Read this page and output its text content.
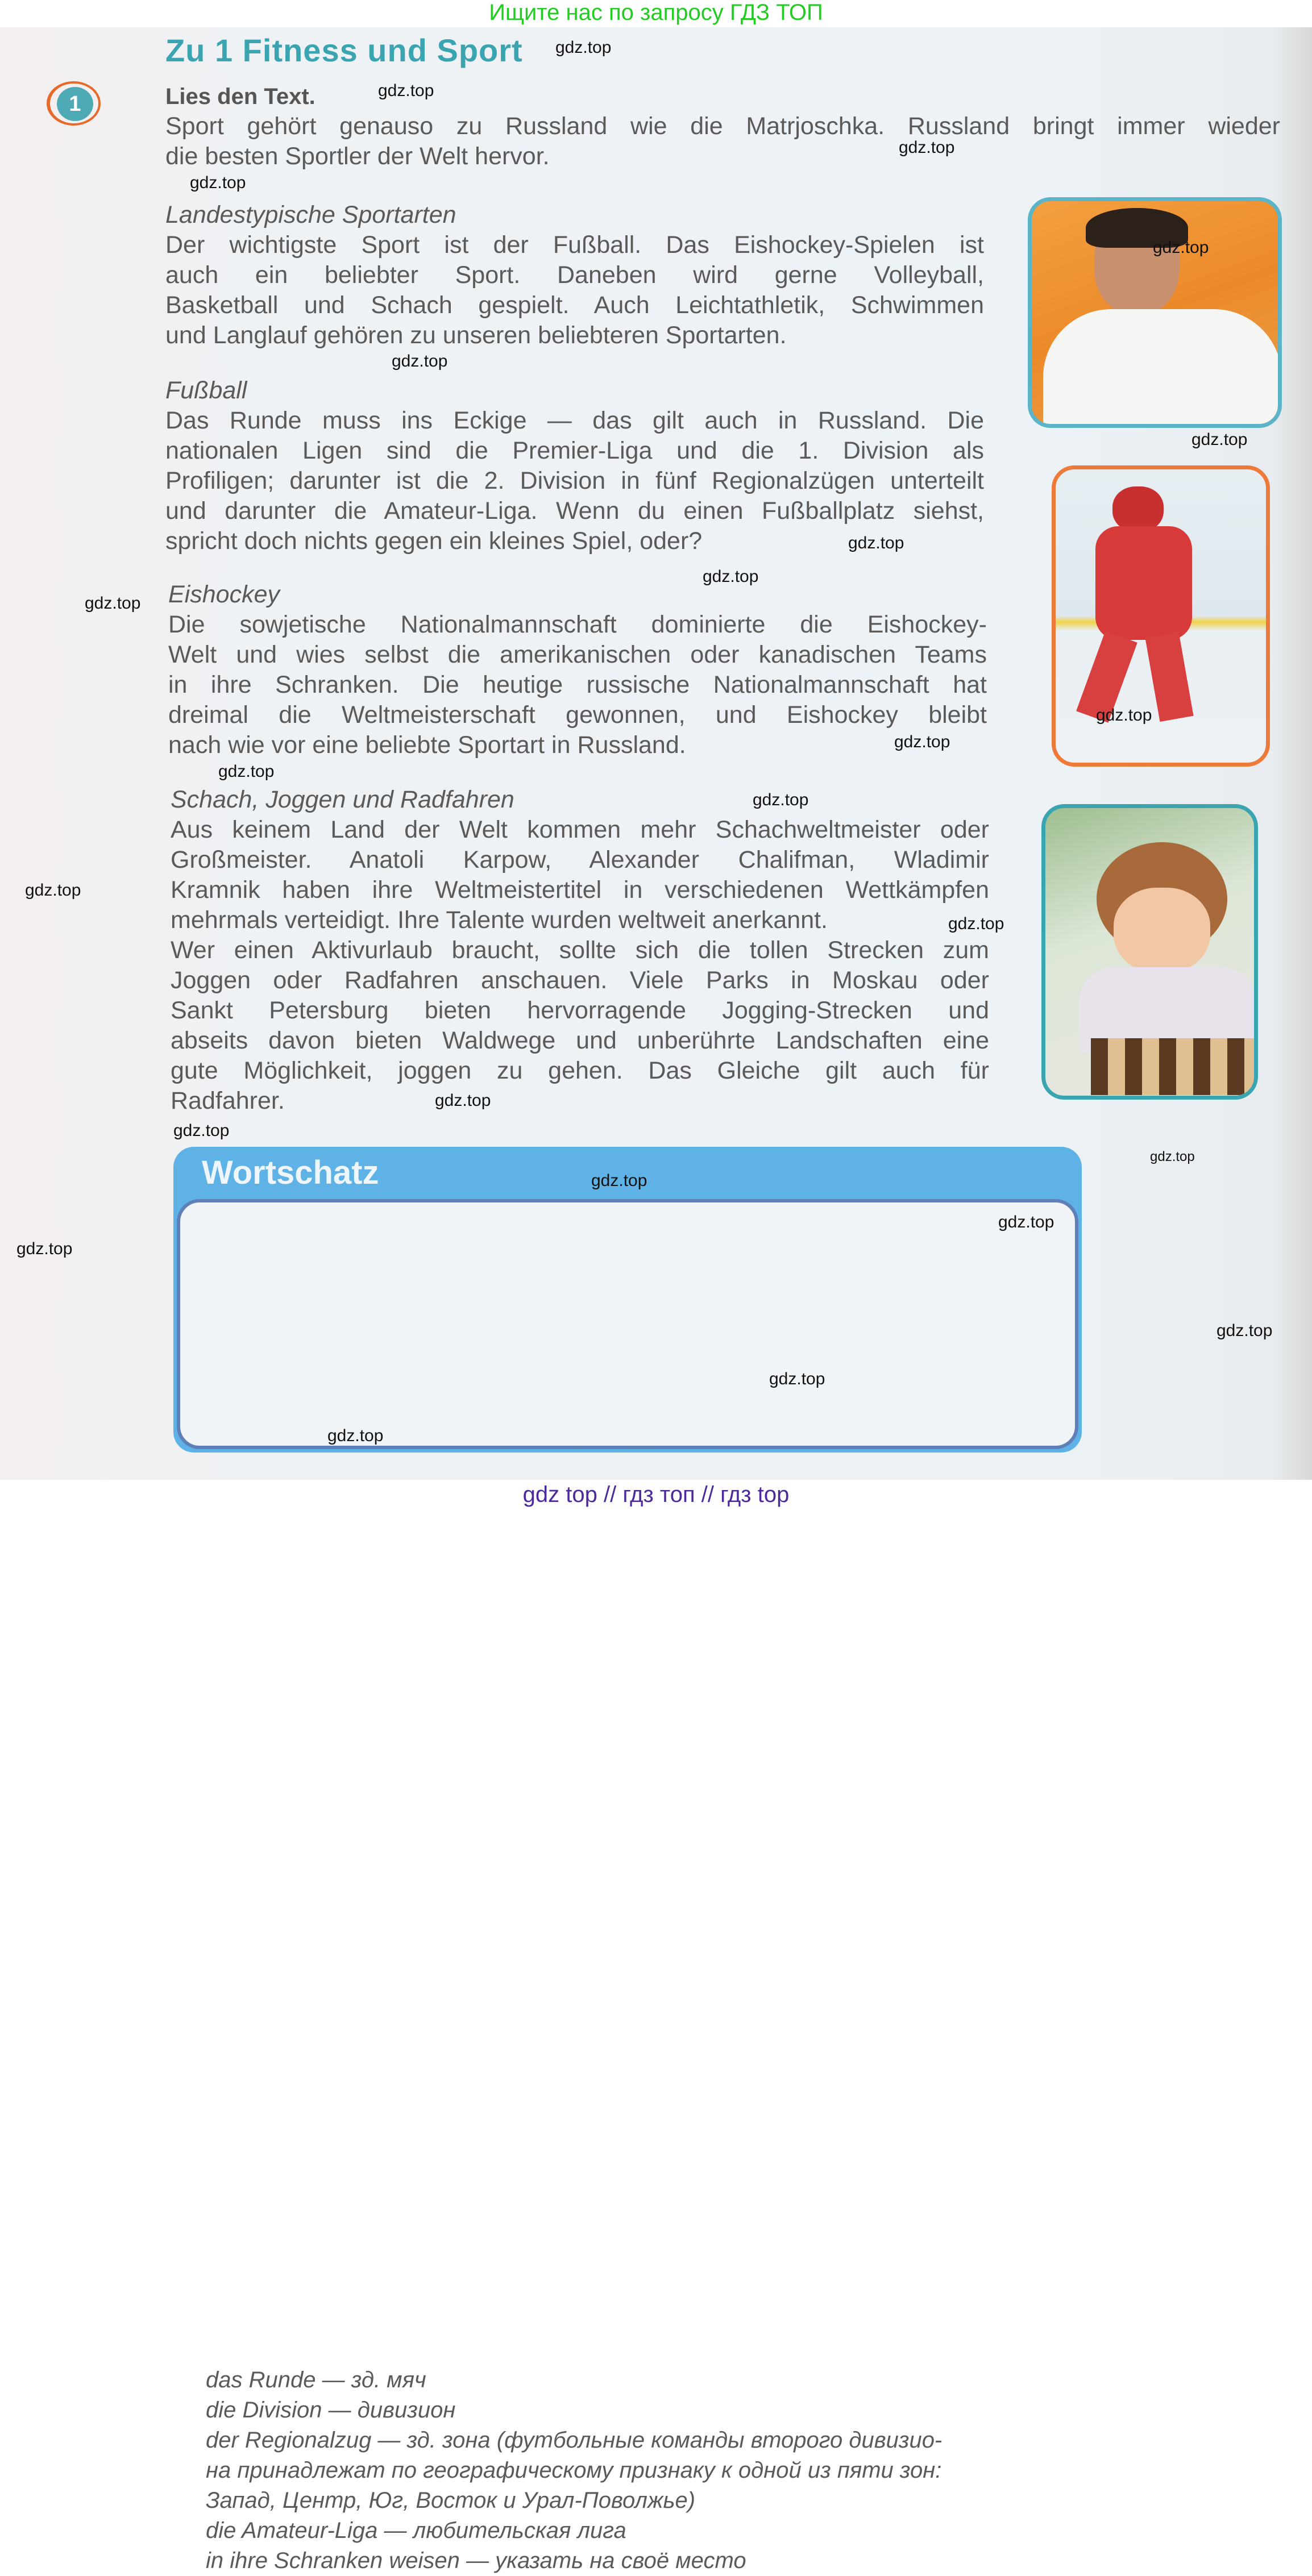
Ищите нас по запросу ГДЗ ТОП
Zu 1 Fitness und Sport
1	Lies den Text.
Sport gehört genauso zu Russland wie die Matrjoschka. Russland bringt immer wieder
die besten Sportler der Welt hervor.
Landestypische Sportarten
Der wichtigste Sport ist der Fußball. Das Eishockey-Spielen ist
auch ein beliebter Sport. Daneben wird gerne Volleyball,
Basketball und Schach gespielt. Auch Leichtathletik, Schwimmen
und Langlauf gehören zu unseren beliebteren Sportarten.
Fußball
Das Runde muss ins Eckige — das gilt auch in Russland. Die
nationalen Ligen sind die Premier-Liga und die 1. Division als
Profiligen; darunter ist die 2. Division in fünf Regionalzügen unterteilt
und darunter die Amateur-Liga. Wenn du einen Fußballplatz siehst,
spricht doch nichts gegen ein kleines Spiel, oder?
Eishockey
Die sowjetische Nationalmannschaft dominierte die Eishockey-
Welt und wies selbst die amerikanischen oder kanadischen Teams
in ihre Schranken. Die heutige russische Nationalmannschaft hat
dreimal die Weltmeisterschaft gewonnen, und Eishockey bleibt
nach wie vor eine beliebte Sportart in Russland.
Schach, Joggen und Radfahren
Aus keinem Land der Welt kommen mehr Schachweltmeister oder
Großmeister. Anatoli Karpow, Alexander Chalifman, Wladimir
Kramnik haben ihre Weltmeistertitel in verschiedenen Wettkämpfen
mehrmals verteidigt. Ihre Talente wurden weltweit anerkannt.
Wer einen Aktivurlaub braucht, sollte sich die tollen Strecken zum
Joggen oder Radfahren anschauen. Viele Parks in Moskau oder
Sankt Petersburg bieten hervorragende Jogging-Strecken und
abseits davon bieten Waldwege und unberührte Landschaften eine
gute Möglichkeit, joggen zu gehen. Das Gleiche gilt auch für
Radfahrer.
Wortschatz
das Runde — зд. мяч
die Division — дивизион
der Regionalzug — зд. зона (футбольные команды второго дивизио-
на принадлежат по географическому признаку к одной из пяти зон:
Запад, Центр, Юг, Восток и Урал-Поволжье)
die Amateur-Liga — любительская лига
in ihre Schranken weisen — указать на своё место
gdz.top
gdz.top
gdz.top
gdz.top
gdz.top
gdz.top
gdz.top
gdz.top
gdz.top
gdz.top
gdz.top
gdz.top
gdz.top
gdz.top
gdz.top
gdz.top
gdz.top
gdz.top
gdz.top
gdz.top
gdz.top
gdz.top
gdz.top
gdz.top
gdz.top
gdz top // гдз топ // гдз top
